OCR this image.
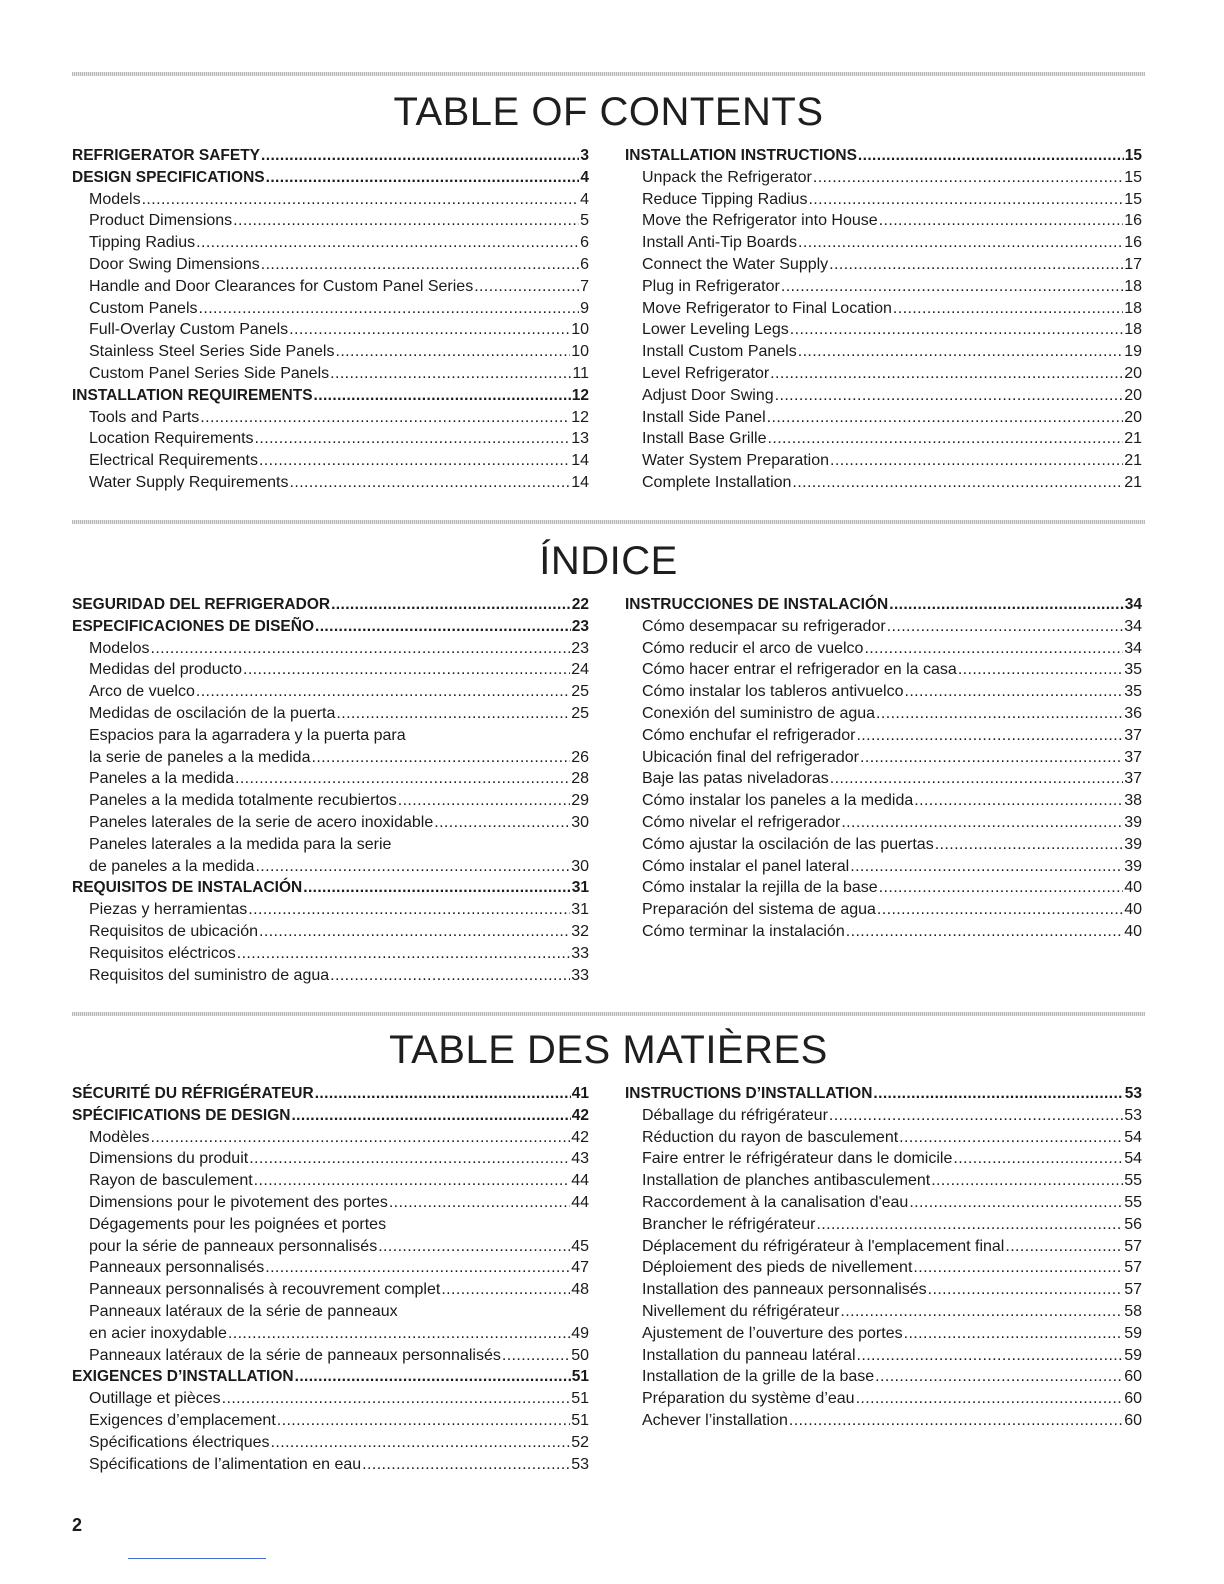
TABLE OF CONTENTS
REFRIGERATOR SAFETY .....	3
DESIGN SPECIFICATIONS .....	4
Models .....	4
Product Dimensions .....	5
Tipping Radius .....	6
Door Swing Dimensions .....	6
Handle and Door Clearances for Custom Panel Series .....	7
Custom Panels .....	9
Full-Overlay Custom Panels .....	10
Stainless Steel Series Side Panels .....	10
Custom Panel Series Side Panels .....	11
INSTALLATION REQUIREMENTS .....	12
Tools and Parts .....	12
Location Requirements .....	13
Electrical Requirements .....	14
Water Supply Requirements .....	14
INSTALLATION INSTRUCTIONS .....	15
Unpack the Refrigerator .....	15
Reduce Tipping Radius .....	15
Move the Refrigerator into House .....	16
Install Anti-Tip Boards .....	16
Connect the Water Supply .....	17
Plug in Refrigerator .....	18
Move Refrigerator to Final Location .....	18
Lower Leveling Legs .....	18
Install Custom Panels .....	19
Level Refrigerator .....	20
Adjust Door Swing .....	20
Install Side Panel .....	20
Install Base Grille .....	21
Water System Preparation .....	21
Complete Installation .....	21
ÍNDICE
SEGURIDAD DEL REFRIGERADOR .....	22
ESPECIFICACIONES DE DISEÑO .....	23
Modelos .....	23
Medidas del producto .....	24
Arco de vuelco .....	25
Medidas de oscilación de la puerta .....	25
Espacios para la agarradera y la puerta para
la serie de paneles a la medida .....	26
Paneles a la medida .....	28
Paneles a la medida totalmente recubiertos .....	29
Paneles laterales de la serie de acero inoxidable .....	30
Paneles laterales a la medida para la serie
de paneles a la medida .....	30
REQUISITOS DE INSTALACIÓN .....	31
Piezas y herramientas .....	31
Requisitos de ubicación .....	32
Requisitos eléctricos .....	33
Requisitos del suministro de agua .....	33
INSTRUCCIONES DE INSTALACIÓN .....	34
Cómo desempacar su refrigerador .....	34
Cómo reducir el arco de vuelco .....	34
Cómo hacer entrar el refrigerador en la casa .....	35
Cómo instalar los tableros antivuelco .....	35
Conexión del suministro de agua .....	36
Cómo enchufar el refrigerador .....	37
Ubicación final del refrigerador .....	37
Baje las patas niveladoras .....	37
Cómo instalar los paneles a la medida .....	38
Cómo nivelar el refrigerador .....	39
Cómo ajustar la oscilación de las puertas .....	39
Cómo instalar el panel lateral .....	39
Cómo instalar la rejilla de la base .....	40
Preparación del sistema de agua .....	40
Cómo terminar la instalación .....	40
TABLE DES MATIÈRES
SÉCURITÉ DU RÉFRIGÉRATEUR .....	41
SPÉCIFICATIONS DE DESIGN .....	42
Modèles .....	42
Dimensions du produit .....	43
Rayon de basculement .....	44
Dimensions pour le pivotement des portes .....	44
Dégagements pour les poignées et portes
pour la série de panneaux personnalisés .....	45
Panneaux personnalisés .....	47
Panneaux personnalisés à recouvrement complet .....	48
Panneaux latéraux de la série de panneaux
en acier inoxydable .....	49
Panneaux latéraux de la série de panneaux personnalisés .....	50
EXIGENCES D’INSTALLATION .....	51
Outillage et pièces .....	51
Exigences d’emplacement .....	51
Spécifications électriques .....	52
Spécifications de l’alimentation en eau .....	53
INSTRUCTIONS D’INSTALLATION .....	53
Déballage du réfrigérateur .....	53
Réduction du rayon de basculement .....	54
Faire entrer le réfrigérateur dans le domicile .....	54
Installation de planches antibasculement .....	55
Raccordement à la canalisation d'eau .....	55
Brancher le réfrigérateur .....	56
Déplacement du réfrigérateur à l'emplacement final .....	57
Déploiement des pieds de nivellement .....	57
Installation des panneaux personnalisés .....	57
Nivellement du réfrigérateur .....	58
Ajustement de l’ouverture des portes .....	59
Installation du panneau latéral .....	59
Installation de la grille de la base .....	60
Préparation du système d’eau .....	60
Achever l’installation .....	60
2
